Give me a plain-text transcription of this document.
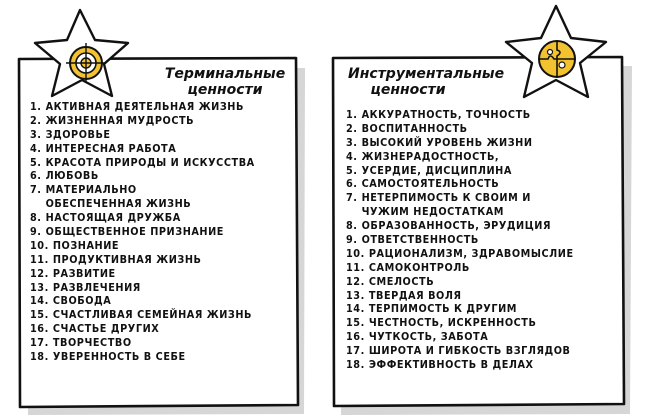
Терминальные
ценности
1. АКТИВНАЯ ДЕЯТЕЛЬНАЯ ЖИЗНЬ
2. ЖИЗНЕННАЯ МУДРОСТЬ
3. ЗДОРОВЬЕ
4. ИНТЕРЕСНАЯ РАБОТА
5. КРАСОТА ПРИРОДЫ И ИСКУССТВА
6. ЛЮБОВЬ
7. МАТЕРИАЛЬНО ОБЕСПЕЧЕННАЯ ЖИЗНЬ
8. НАСТОЯЩАЯ ДРУЖБА
9. ОБЩЕСТВЕННОЕ ПРИЗНАНИЕ
10. ПОЗНАНИЕ
11. ПРОДУКТИВНАЯ ЖИЗНЬ
12. РАЗВИТИЕ
13. РАЗВЛЕЧЕНИЯ
14. СВОБОДА
15. СЧАСТЛИВАЯ СЕМЕЙНАЯ ЖИЗНЬ
16. СЧАСТЬЕ ДРУГИХ
17. ТВОРЧЕСТВО
18. УВЕРЕННОСТЬ В СЕБЕ
Инструментальные
ценности
1. АККУРАТНОСТЬ, ТОЧНОСТЬ
2. ВОСПИТАННОСТЬ
3. ВЫСОКИЙ УРОВЕНЬ ЖИЗНИ
4. ЖИЗНЕРАДОСТНОСТЬ,
5. УСЕРДИЕ, ДИСЦИПЛИНА
6. САМОСТОЯТЕЛЬНОСТЬ
7. НЕТЕРПИМОСТЬ К СВОИМ И ЧУЖИМ НЕДОСТАТКАМ
8. ОБРАЗОВАННОСТЬ, ЭРУДИЦИЯ
9. ОТВЕТСТВЕННОСТЬ
10. РАЦИОНАЛИЗМ, ЗДРАВОМЫСЛИЕ
11. САМОКОНТРОЛЬ
12. СМЕЛОСТЬ
13. ТВЕРДАЯ ВОЛЯ
14. ТЕРПИМОСТЬ К ДРУГИМ
15. ЧЕСТНОСТЬ, ИСКРЕННОСТЬ
16. ЧУТКОСТЬ, ЗАБОТА
17. ШИРОТА И ГИБКОСТЬ ВЗГЛЯДОВ
18. ЭФФЕКТИВНОСТЬ В ДЕЛАХ
